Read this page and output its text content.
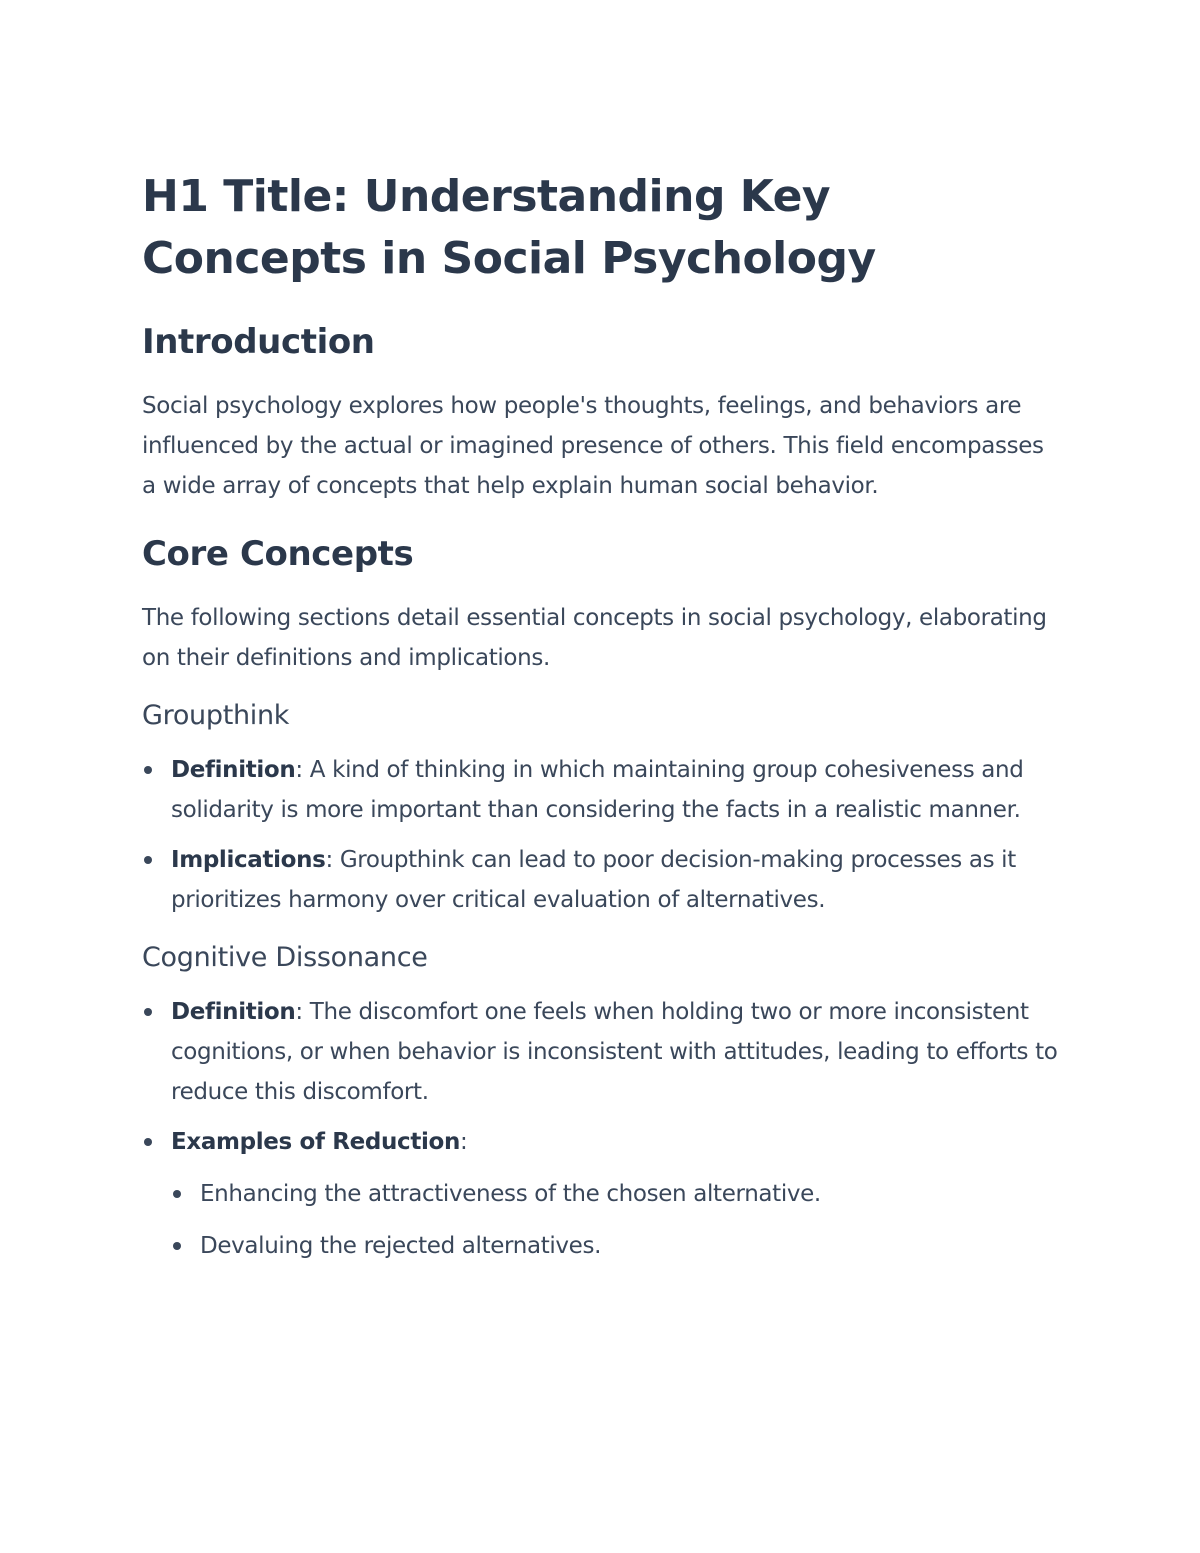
H1 Title: Understanding Key Concepts in Social Psychology
Introduction

Social psychology explores how people's thoughts, feelings, and behaviors are influenced by the actual or imagined presence of others. This field encompasses a wide array of concepts that help explain human social behavior.

Core Concepts

The following sections detail essential concepts in social psychology, elaborating on their definitions and implications.

Groupthink
Definition: A kind of thinking in which maintaining group cohesiveness and solidarity is more important than considering the facts in a realistic manner.
Implications: Groupthink can lead to poor decision-making processes as it prioritizes harmony over critical evaluation of alternatives.
Cognitive Dissonance
Definition: The discomfort one feels when holding two or more inconsistent cognitions, or when behavior is inconsistent with attitudes, leading to efforts to reduce this discomfort.
Examples of Reduction:
Enhancing the attractiveness of the chosen alternative.
Devaluing the rejected alternatives.
